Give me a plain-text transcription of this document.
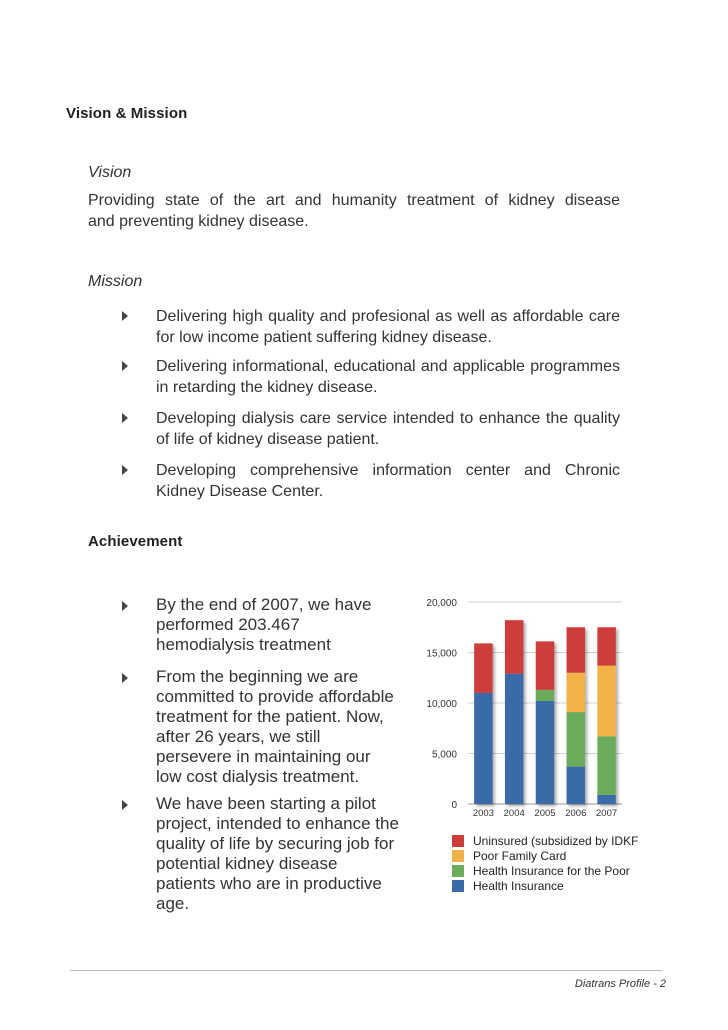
Vision & Mission
Vision
Providing state of the art and humanity treatment of kidney disease
and preventing kidney disease.
Mission
Delivering high quality and profesional as well as affordable care for low income patient suffering kidney disease.
Delivering informational, educational and applicable programmes in retarding the kidney disease.
Developing dialysis care service intended to enhance the quality of life of kidney disease patient.
Developing comprehensive information center and Chronic Kidney Disease Center.
Achievement
By the end of 2007, we have performed 203.467 hemodialysis treatment
From the beginning we are committed to provide affordable treatment for the patient. Now, after 26 years, we still persevere in maintaining our low cost dialysis treatment.
We have been starting a pilot project, intended to enhance the quality of life by securing job for potential kidney disease patients who are in productive age.
0
5,000
10,000
15,000
20,000
2003 2004 2005 2006 2007
Uninsured (subsidized by IDKF
Poor Family Card
Health Insurance for the Poor
Health Insurance
Diatrans Profile - 2
